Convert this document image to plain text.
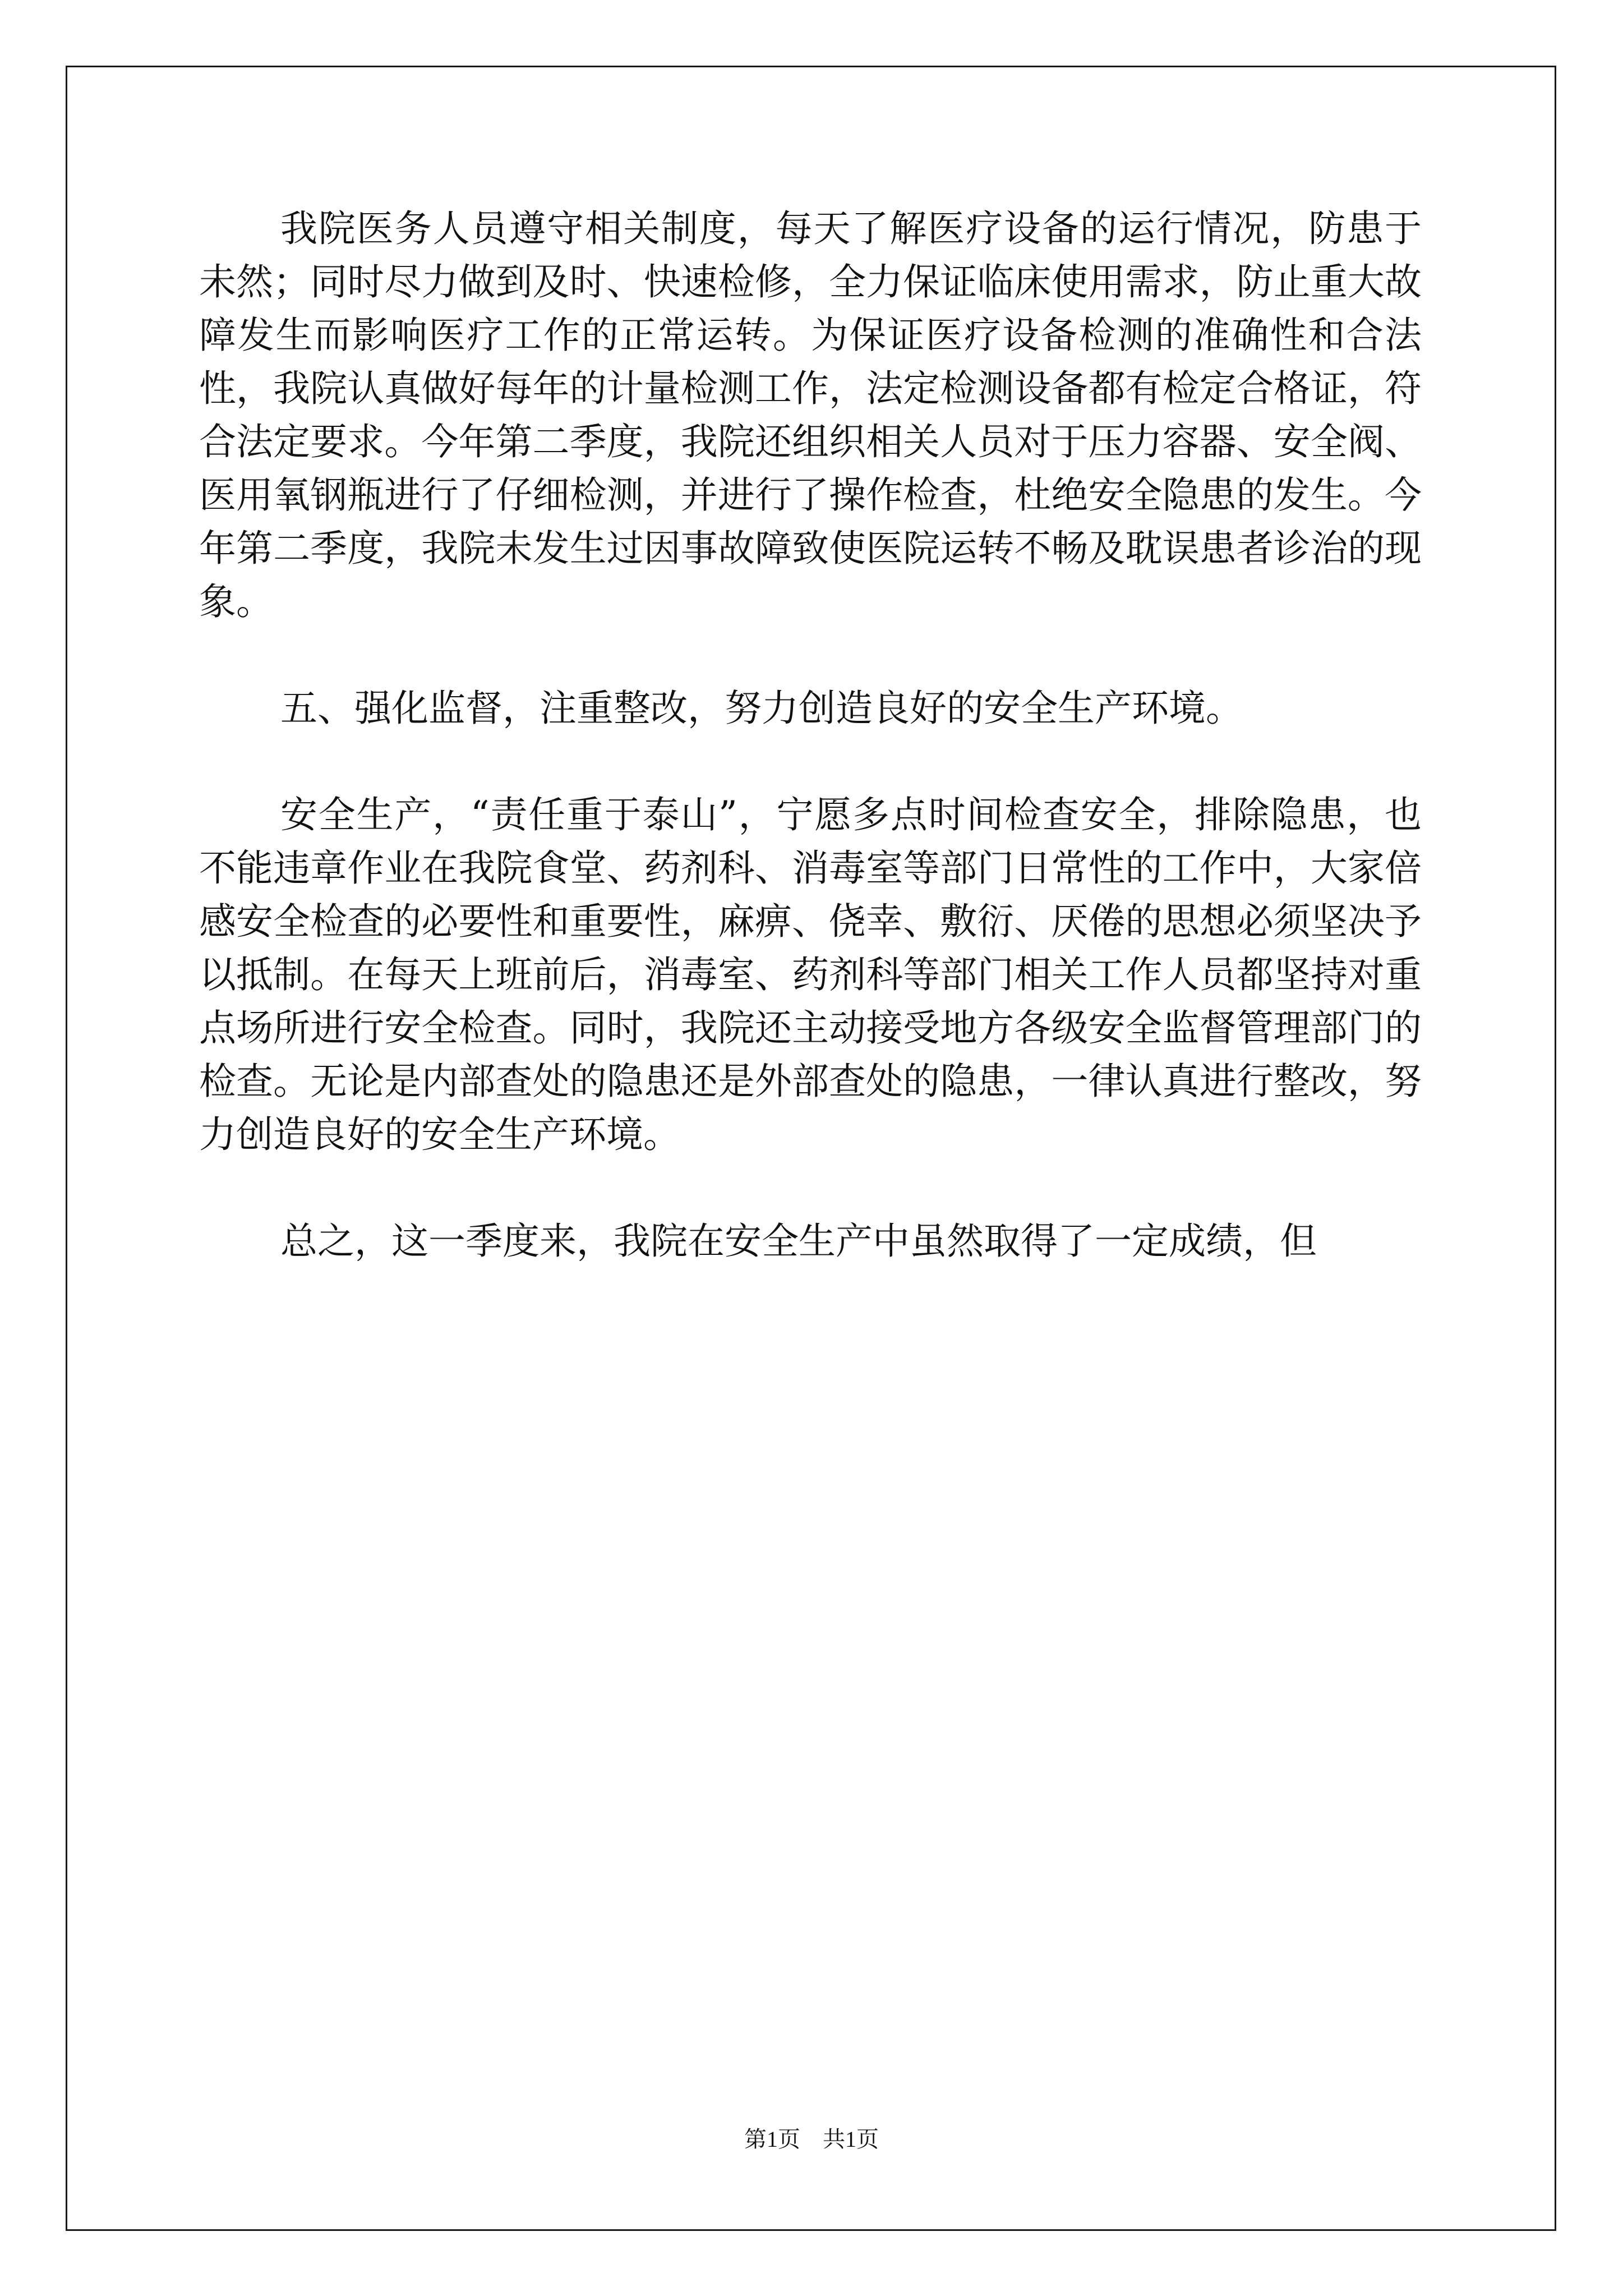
我院医务人员遵守相关制度，每天了解医疗设备的运行情况，防患于未然；同时尽力做到及时、快速检修，全力保证临床使用需求，防止重大故障发生而影响医疗工作的正常运转。为保证医疗设备检测的准确性和合法性，我院认真做好每年的计量检测工作，法定检测设备都有检定合格证，符合法定要求。今年第二季度，我院还组织相关人员对于压力容器、安全阀、医用氧钢瓶进行了仔细检测，并进行了操作检查，杜绝安全隐患的发生。今年第二季度，我院未发生过因事故障致使医院运转不畅及耽误患者诊治的现象。

五、强化监督，注重整改，努力创造良好的安全生产环境。

安全生产，“责任重于泰山”，宁愿多点时间检查安全，排除隐患，也不能违章作业在我院食堂、药剂科、消毒室等部门日常性的工作中，大家倍感安全检查的必要性和重要性，麻痹、侥幸、敷衍、厌倦的思想必须坚决予以抵制。在每天上班前后，消毒室、药剂科等部门相关工作人员都坚持对重点场所进行安全检查。同时，我院还主动接受地方各级安全监督管理部门的检查。无论是内部查处的隐患还是外部查处的隐患，一律认真进行整改，努力创造良好的安全生产环境。

总之，这一季度来，我院在安全生产中虽然取得了一定成绩，但

第1页　共1页
